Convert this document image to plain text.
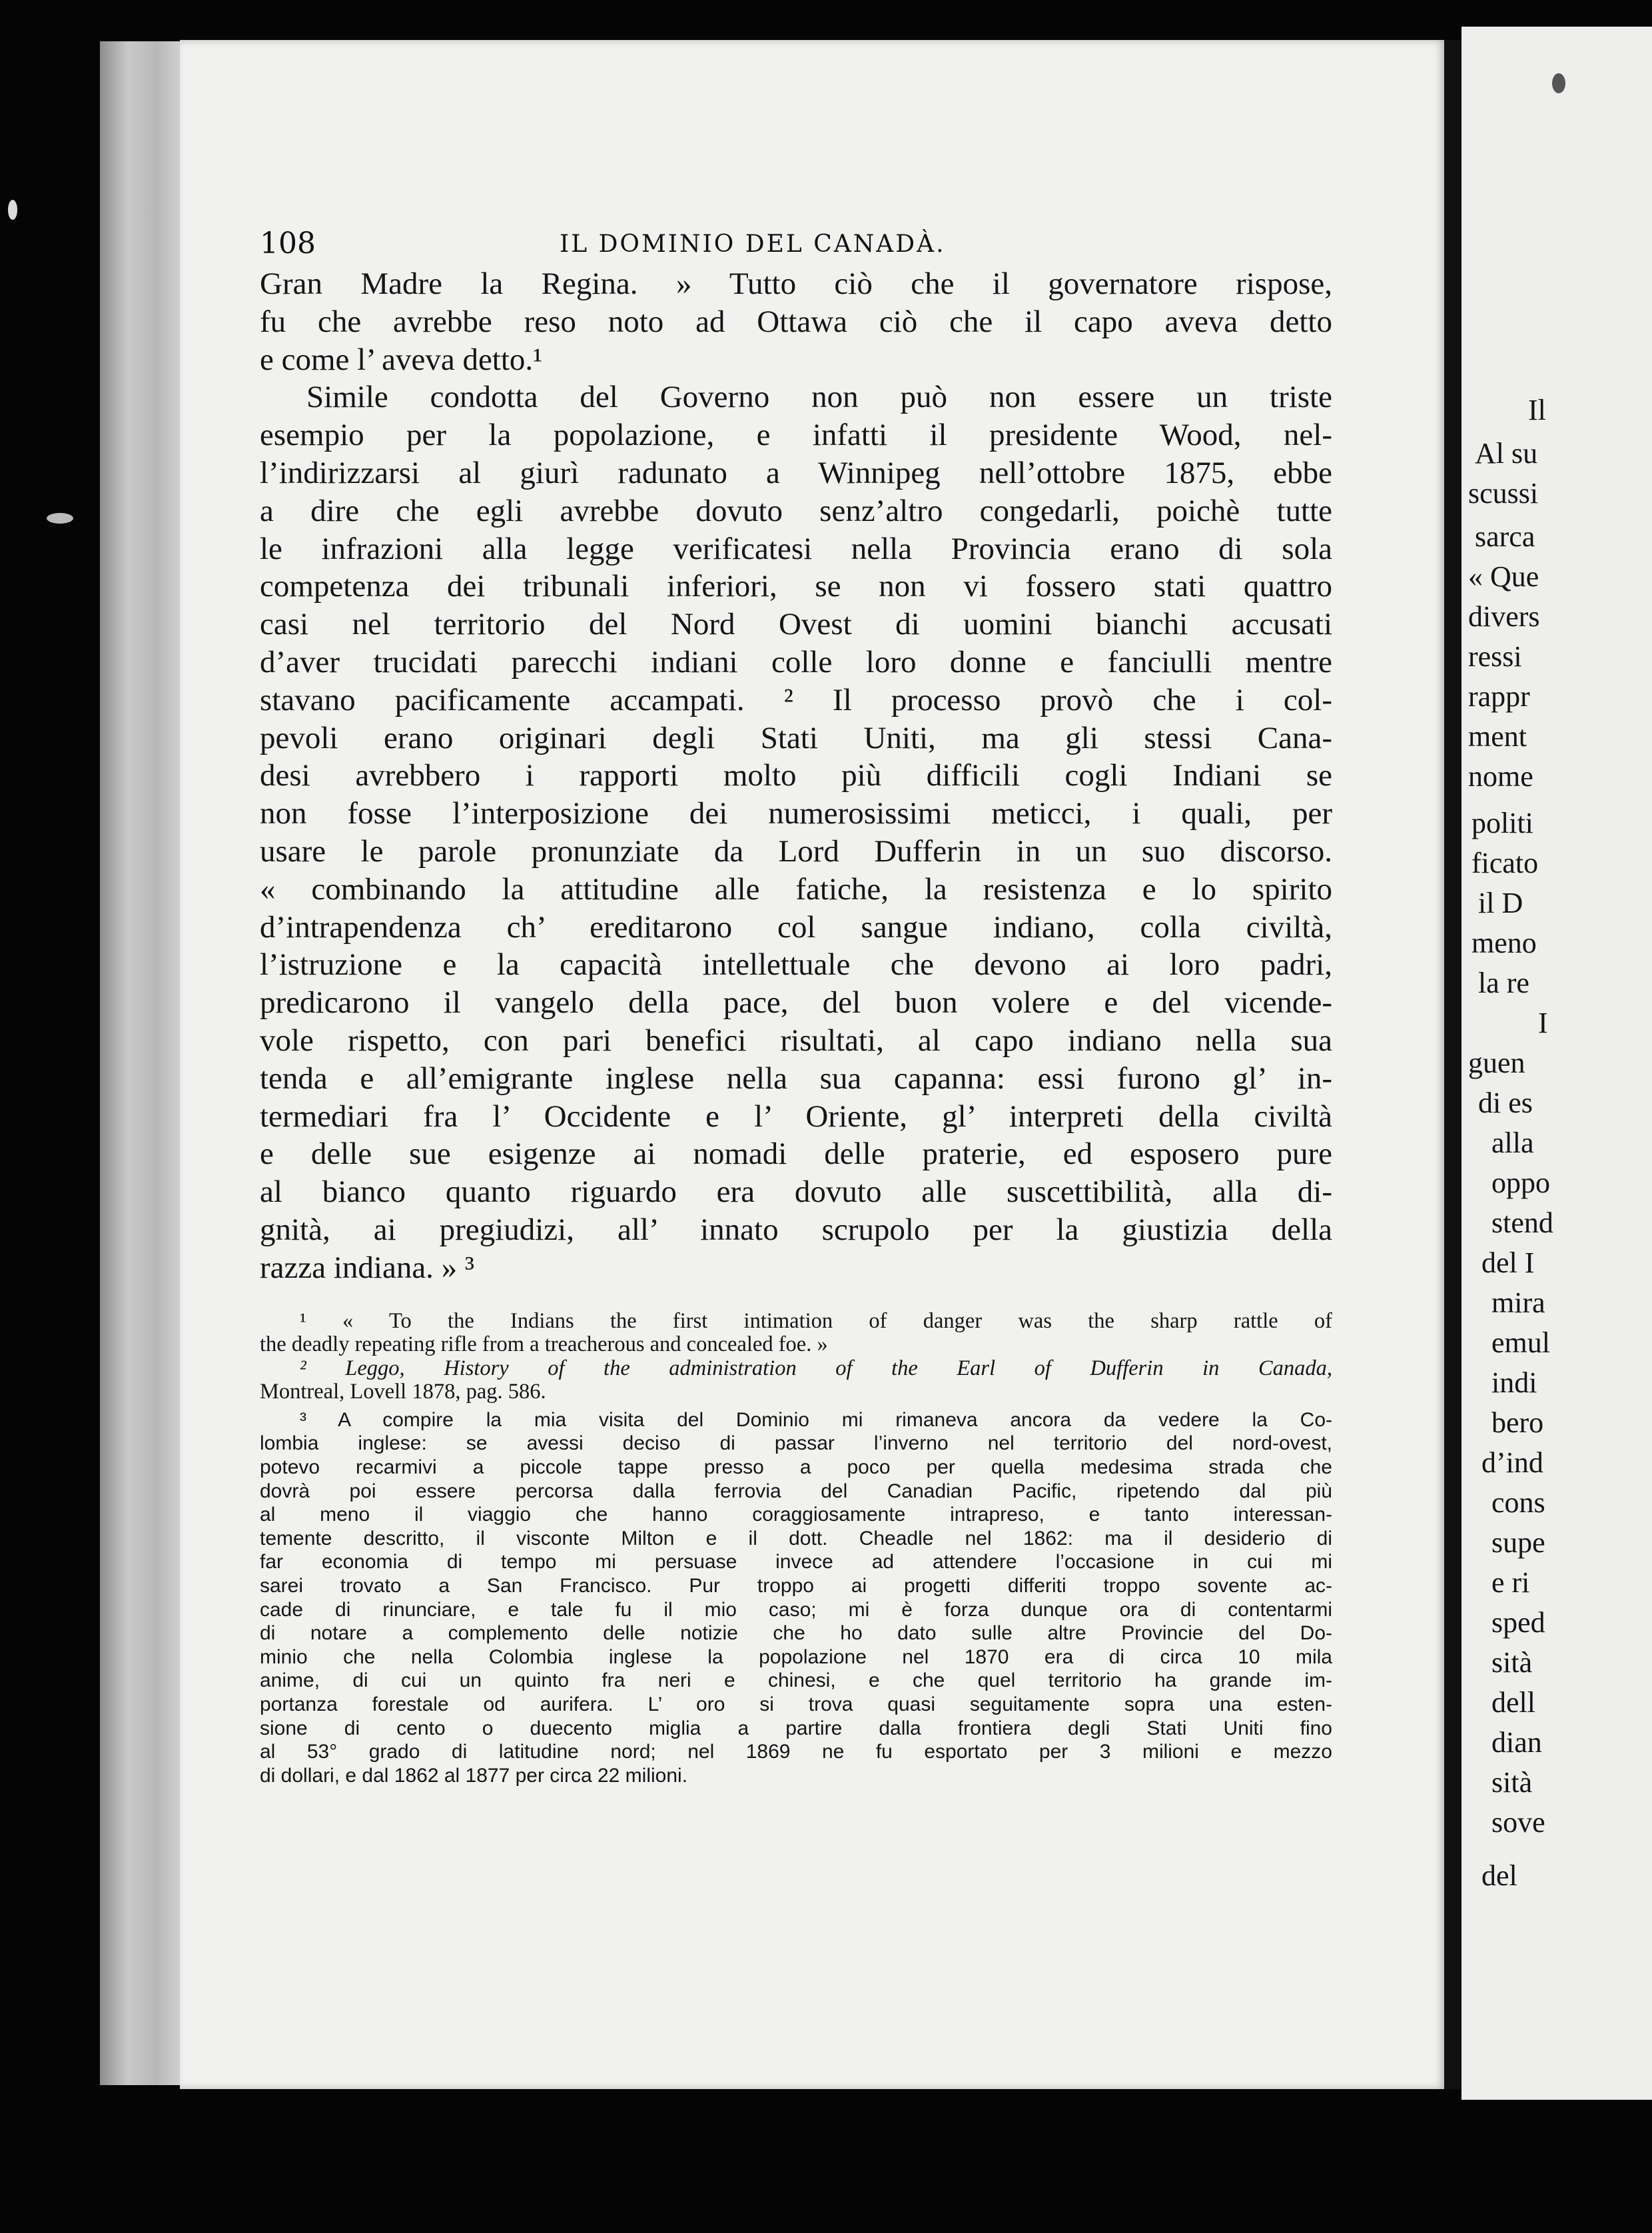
Il
Al su
scussi
sarca
« Que
divers
ressi
rappr
ment
nome
politi
ficato
il D
meno
la re
I
guen
di es
alla
oppo
stend
del I
mira
emul
indi
bero
d’ind
cons
supe
e ri
sped
sità
dell
dian
sità
sove
del
108	IL DOMINIO DEL CANADÀ.
Gran Madre la Regina. » Tutto ciò che il governatore rispose,
fu che avrebbe reso noto ad Ottawa ciò che il capo aveva detto
e come l’ aveva detto.¹
Simile condotta del Governo non può non essere un triste
esempio per la popolazione, e infatti il presidente Wood, nel-
l’indirizzarsi al giurì radunato a Winnipeg nell’ottobre 1875, ebbe
a dire che egli avrebbe dovuto senz’altro congedarli, poichè tutte
le infrazioni alla legge verificatesi nella Provincia erano di sola
competenza dei tribunali inferiori, se non vi fossero stati quattro
casi nel territorio del Nord Ovest di uomini bianchi accusati
d’aver trucidati parecchi indiani colle loro donne e fanciulli mentre
stavano pacificamente accampati. ² Il processo provò che i col-
pevoli erano originari degli Stati Uniti, ma gli stessi Cana-
desi avrebbero i rapporti molto più difficili cogli Indiani se
non fosse l’interposizione dei numerosissimi meticci, i quali, per
usare le parole pronunziate da Lord Dufferin in un suo discorso.
« combinando la attitudine alle fatiche, la resistenza e lo spirito
d’intrapendenza ch’ ereditarono col sangue indiano, colla civiltà,
l’istruzione e la capacità intellettuale che devono ai loro padri,
predicarono il vangelo della pace, del buon volere e del vicende-
vole rispetto, con pari benefici risultati, al capo indiano nella sua
tenda e all’emigrante inglese nella sua capanna: essi furono gl’ in-
termediari fra l’ Occidente e l’ Oriente, gl’ interpreti della civiltà
e delle sue esigenze ai nomadi delle praterie, ed esposero pure
al bianco quanto riguardo era dovuto alle suscettibilità, alla di-
gnità, ai pregiudizi, all’ innato scrupolo per la giustizia della
razza indiana. » ³
¹ « To the Indians the first intimation of danger was the sharp rattle of
the deadly repeating rifle from a treacherous and concealed foe. »
² Leggo, History of the administration of the Earl of Dufferin in Canada,
Montreal, Lovell 1878, pag. 586.
³ A compire la mia visita del Dominio mi rimaneva ancora da vedere la Co-
lombia inglese: se avessi deciso di passar l’inverno nel territorio del nord-ovest,
potevo recarmivi a piccole tappe presso a poco per quella medesima strada che
dovrà poi essere percorsa dalla ferrovia del Canadian Pacific, ripetendo dal più
al meno il viaggio che hanno coraggiosamente intrapreso, e tanto interessan-
temente descritto, il visconte Milton e il dott. Cheadle nel 1862: ma il desiderio di
far economia di tempo mi persuase invece ad attendere l’occasione in cui mi
sarei trovato a San Francisco. Pur troppo ai progetti differiti troppo sovente ac-
cade di rinunciare, e tale fu il mio caso; mi è forza dunque ora di contentarmi
di notare a complemento delle notizie che ho dato sulle altre Provincie del Do-
minio che nella Colombia inglese la popolazione nel 1870 era di circa 10 mila
anime, di cui un quinto fra neri e chinesi, e che quel territorio ha grande im-
portanza forestale od aurifera. L’ oro si trova quasi seguitamente sopra una esten-
sione di cento o duecento miglia a partire dalla frontiera degli Stati Uniti fino
al 53° grado di latitudine nord; nel 1869 ne fu esportato per 3 milioni e mezzo
di dollari, e dal 1862 al 1877 per circa 22 milioni.
